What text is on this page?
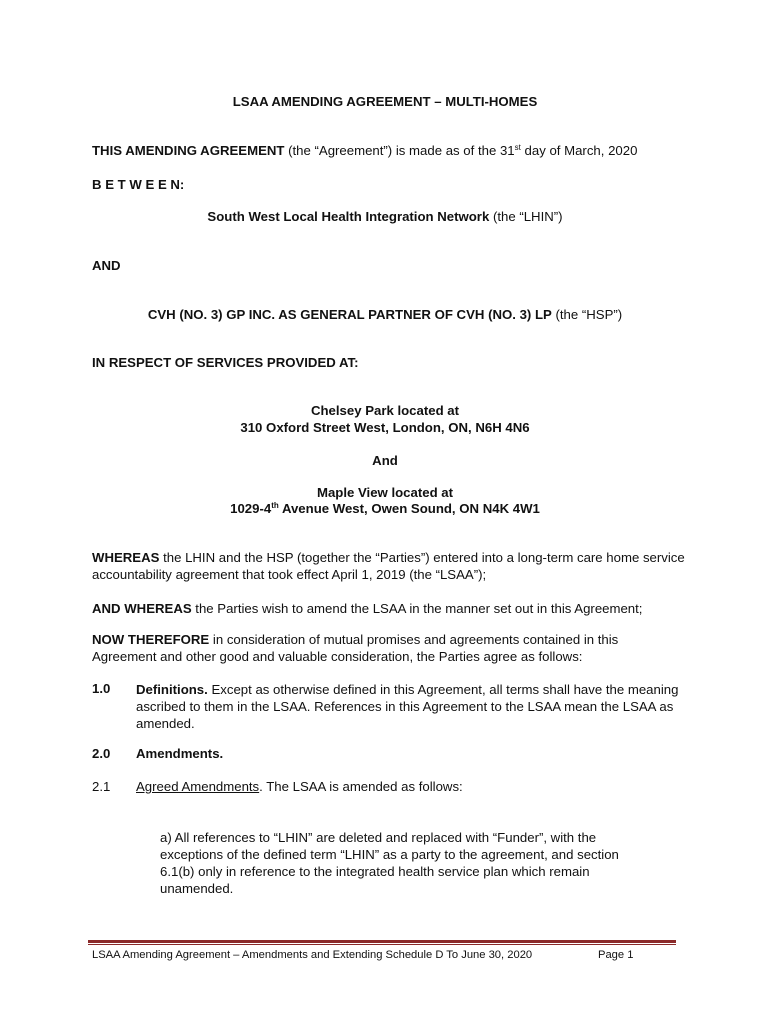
LSAA AMENDING AGREEMENT – MULTI-HOMES
THIS AMENDING AGREEMENT (the “Agreement”) is made as of the 31st day of March, 2020
B E T W E E N:
South West Local Health Integration Network (the “LHIN”)
AND
CVH (NO. 3) GP INC. AS GENERAL PARTNER OF CVH (NO. 3) LP (the “HSP”)
IN RESPECT OF SERVICES PROVIDED AT:
Chelsey Park located at
310 Oxford Street West, London, ON, N6H 4N6
And
Maple View located at
1029-4th Avenue West, Owen Sound, ON N4K 4W1
WHEREAS the LHIN and the HSP (together the “Parties”) entered into a long-term care home service accountability agreement that took effect April 1, 2019 (the “LSAA”);
AND WHEREAS the Parties wish to amend the LSAA in the manner set out in this Agreement;
NOW THEREFORE in consideration of mutual promises and agreements contained in this Agreement and other good and valuable consideration, the Parties agree as follows:
1.0 Definitions. Except as otherwise defined in this Agreement, all terms shall have the meaning ascribed to them in the LSAA. References in this Agreement to the LSAA mean the LSAA as amended.
2.0 Amendments.
2.1 Agreed Amendments. The LSAA is amended as follows:
a) All references to “LHIN” are deleted and replaced with “Funder”, with the exceptions of the defined term “LHIN” as a party to the agreement, and section 6.1(b) only in reference to the integrated health service plan which remain unamended.
LSAA Amending Agreement – Amendments and Extending Schedule D To June 30, 2020	Page 1
